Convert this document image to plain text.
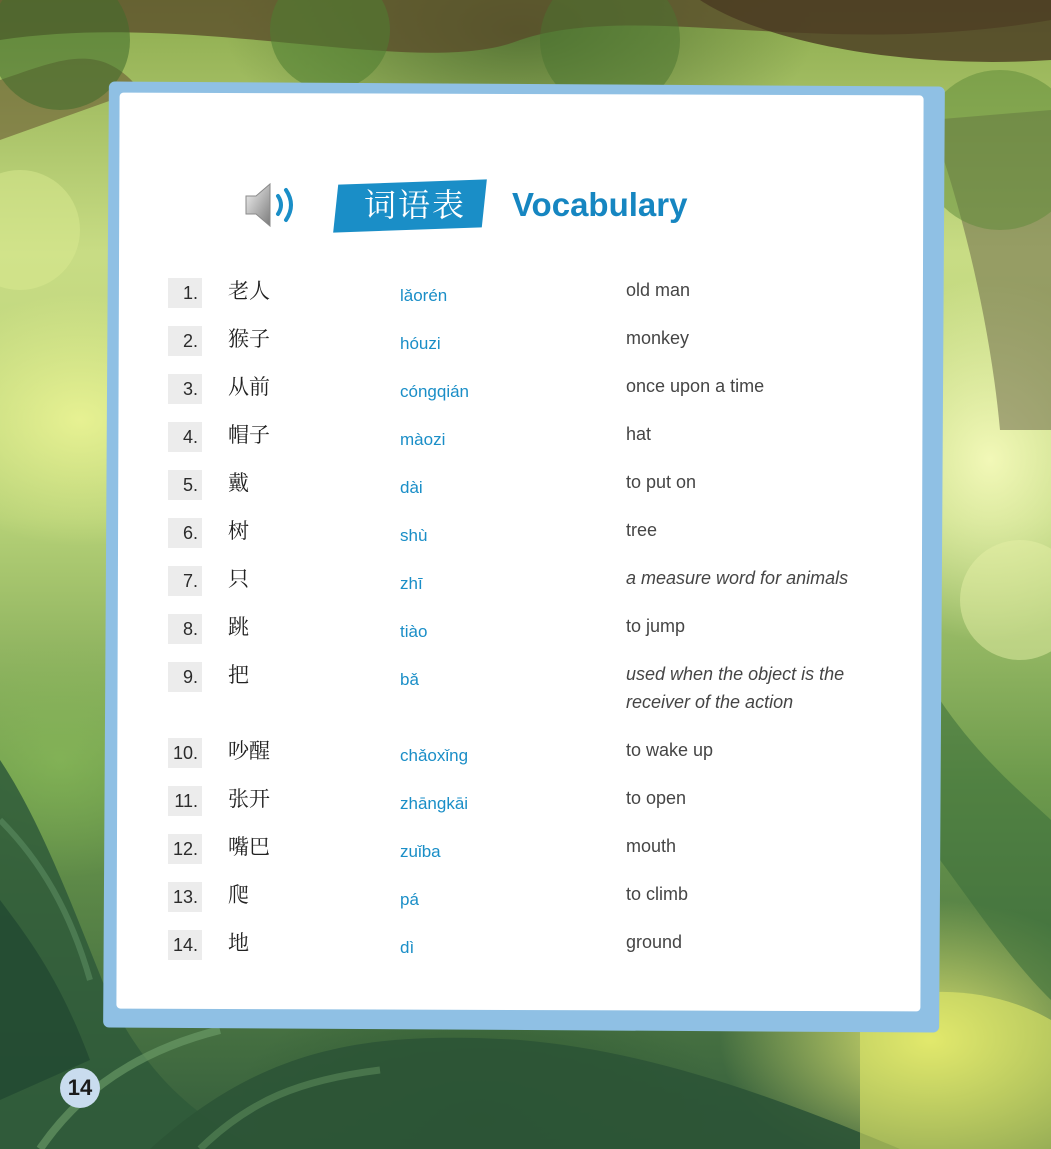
词语表	Vocabulary
1. 老人	lǎorén	old man
2. 猴子	hóuzi	monkey
3. 从前	cóngqián	once upon a time
4. 帽子	màozi	hat
5. 戴	dài	to put on
6. 树	shù	tree
7. 只	zhī	a measure word for animals
8. 跳	tiào	to jump
9. 把	bǎ	used when the object is the receiver of the action
10. 吵醒	chǎoxǐng	to wake up
11. 张开	zhāngkāi	to open
12. 嘴巴	zuǐba	mouth
13. 爬	pá	to climb
14. 地	dì	ground
14
